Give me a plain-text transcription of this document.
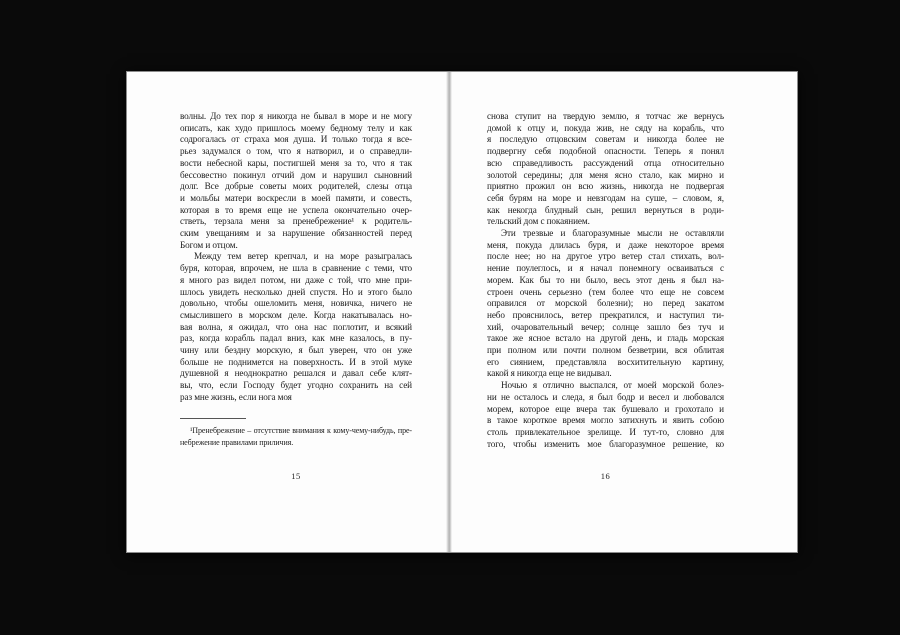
волны. До тех пор я никогда не бывал в море и не могу
описать, как худо пришлось моему бедному телу и как
содрогалась от страха моя душа. И только тогда я все-
рьез задумался о том, что я натворил, и о справедли-
вости небесной кары, постигшей меня за то, что я так
бессовестно покинул отчий дом и нарушил сыновний
долг. Все добрые советы моих родителей, слезы отца
и мольбы матери воскресли в моей памяти, и совесть,
которая в то время еще не успела окончательно очер-
стветь, терзала меня за пренебрежение¹ к родитель-
ским увещаниям и за нарушение обязанностей перед
Богом и отцом.
Между тем ветер крепчал, и на море разыгралась
буря, которая, впрочем, не шла в сравнение с теми, что
я много раз видел потом, ни даже с той, что мне при-
шлось увидеть несколько дней спустя. Но и этого было
довольно, чтобы ошеломить меня, новичка, ничего не
смыслившего в морском деле. Когда накатывалась но-
вая волна, я ожидал, что она нас поглотит, и всякий
раз, когда корабль падал вниз, как мне казалось, в пу-
чину или бездну морскую, я был уверен, что он уже
больше не поднимется на поверхность. И в этой муке
душевной я неоднократно решался и давал себе клят-
вы, что, если Господу будет угодно сохранить на сей
раз мне жизнь, если нога моя
¹Пренебрежение – отсутствие внимания к кому-чему-нибудь, пре-
небрежение правилами приличия.
15
снова ступит на твердую землю, я тотчас же вернусь
домой к отцу и, покуда жив, не сяду на корабль, что
я последую отцовским советам и никогда более не
подвергну себя подобной опасности. Теперь я понял
всю справедливость рассуждений отца относительно
золотой середины; для меня ясно стало, как мирно и
приятно прожил он всю жизнь, никогда не подвергая
себя бурям на море и невзгодам на суше, – словом, я,
как некогда блудный сын, решил вернуться в роди-
тельский дом с покаянием.
Эти трезвые и благоразумные мысли не оставляли
меня, покуда длилась буря, и даже некоторое время
после нее; но на другое утро ветер стал стихать, вол-
нение поулеглось, и я начал понемногу осваиваться с
морем. Как бы то ни было, весь этот день я был на-
строен очень серьезно (тем более что еще не совсем
оправился от морской болезни); но перед закатом
небо прояснилось, ветер прекратился, и наступил ти-
хий, очаровательный вечер; солнце зашло без туч и
такое же ясное встало на другой день, и гладь морская
при полном или почти полном безветрии, вся облитая
его сиянием, представляла восхитительную картину,
какой я никогда еще не видывал.
Ночью я отлично выспался, от моей морской болез-
ни не осталось и следа, я был бодр и весел и любовался
морем, которое еще вчера так бушевало и грохотало и
в такое короткое время могло затихнуть и явить собою
столь привлекательное зрелище. И тут-то, словно для
того, чтобы изменить мое благоразумное решение, ко
16
